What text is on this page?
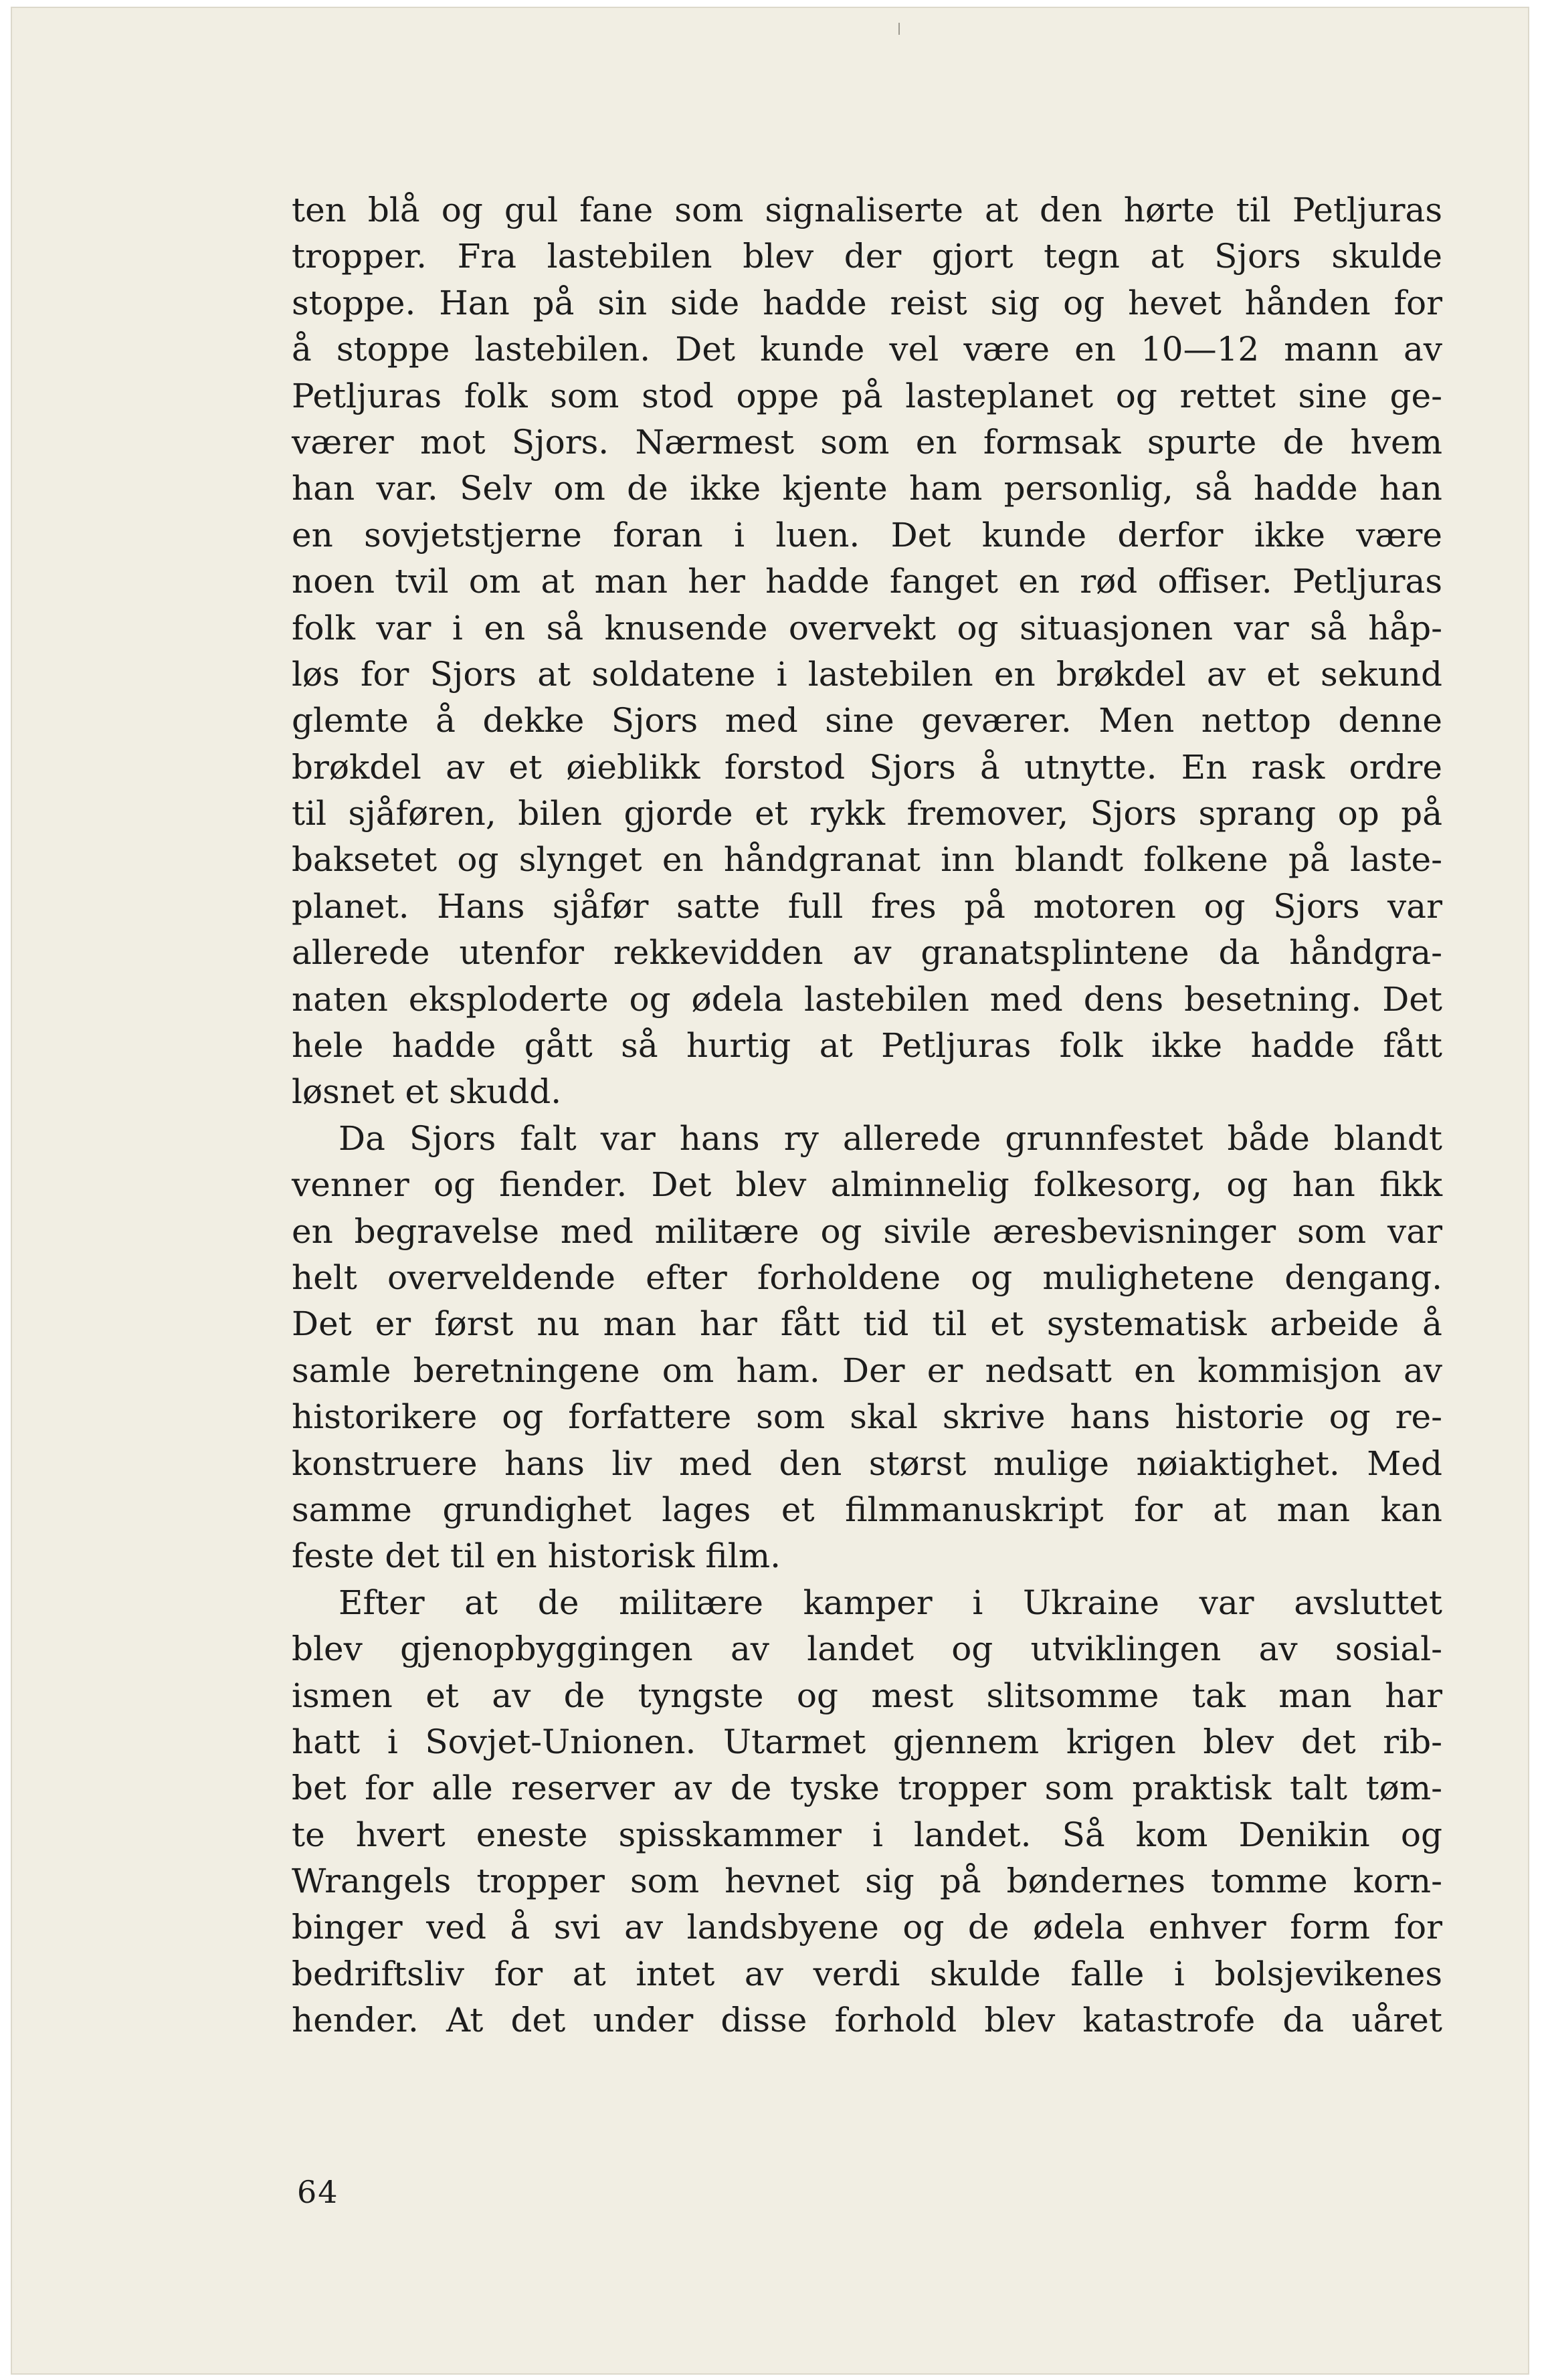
ten blå og gul fane som signaliserte at den hørte til Petljuras
tropper. Fra lastebilen blev der gjort tegn at Sjors skulde
stoppe. Han på sin side hadde reist sig og hevet hånden for
å stoppe lastebilen. Det kunde vel være en 10—12 mann av
Petljuras folk som stod oppe på lasteplanet og rettet sine ge-
værer mot Sjors. Nærmest som en formsak spurte de hvem
han var. Selv om de ikke kjente ham personlig, så hadde han
en sovjetstjerne foran i luen. Det kunde derfor ikke være
noen tvil om at man her hadde fanget en rød offiser. Petljuras
folk var i en så knusende overvekt og situasjonen var så håp-
løs for Sjors at soldatene i lastebilen en brøkdel av et sekund
glemte å dekke Sjors med sine geværer. Men nettop denne
brøkdel av et øieblikk forstod Sjors å utnytte. En rask ordre
til sjåføren, bilen gjorde et rykk fremover, Sjors sprang op på
baksetet og slynget en håndgranat inn blandt folkene på laste-
planet. Hans sjåfør satte full fres på motoren og Sjors var
allerede utenfor rekkevidden av granatsplintene da håndgra-
naten eksploderte og ødela lastebilen med dens besetning. Det
hele hadde gått så hurtig at Petljuras folk ikke hadde fått
løsnet et skudd.
Da Sjors falt var hans ry allerede grunnfestet både blandt
venner og fiender. Det blev alminnelig folkesorg, og han fikk
en begravelse med militære og sivile æresbevisninger som var
helt overveldende efter forholdene og mulighetene dengang.
Det er først nu man har fått tid til et systematisk arbeide å
samle beretningene om ham. Der er nedsatt en kommisjon av
historikere og forfattere som skal skrive hans historie og re-
konstruere hans liv med den størst mulige nøiaktighet. Med
samme grundighet lages et filmmanuskript for at man kan
feste det til en historisk film.
Efter at de militære kamper i Ukraine var avsluttet
blev gjenopbyggingen av landet og utviklingen av sosial-
ismen et av de tyngste og mest slitsomme tak man har
hatt i Sovjet-Unionen. Utarmet gjennem krigen blev det rib-
bet for alle reserver av de tyske tropper som praktisk talt tøm-
te hvert eneste spisskammer i landet. Så kom Denikin og
Wrangels tropper som hevnet sig på bøndernes tomme korn-
binger ved å svi av landsbyene og de ødela enhver form for
bedriftsliv for at intet av verdi skulde falle i bolsjevikenes
hender. At det under disse forhold blev katastrofe da uåret
64
